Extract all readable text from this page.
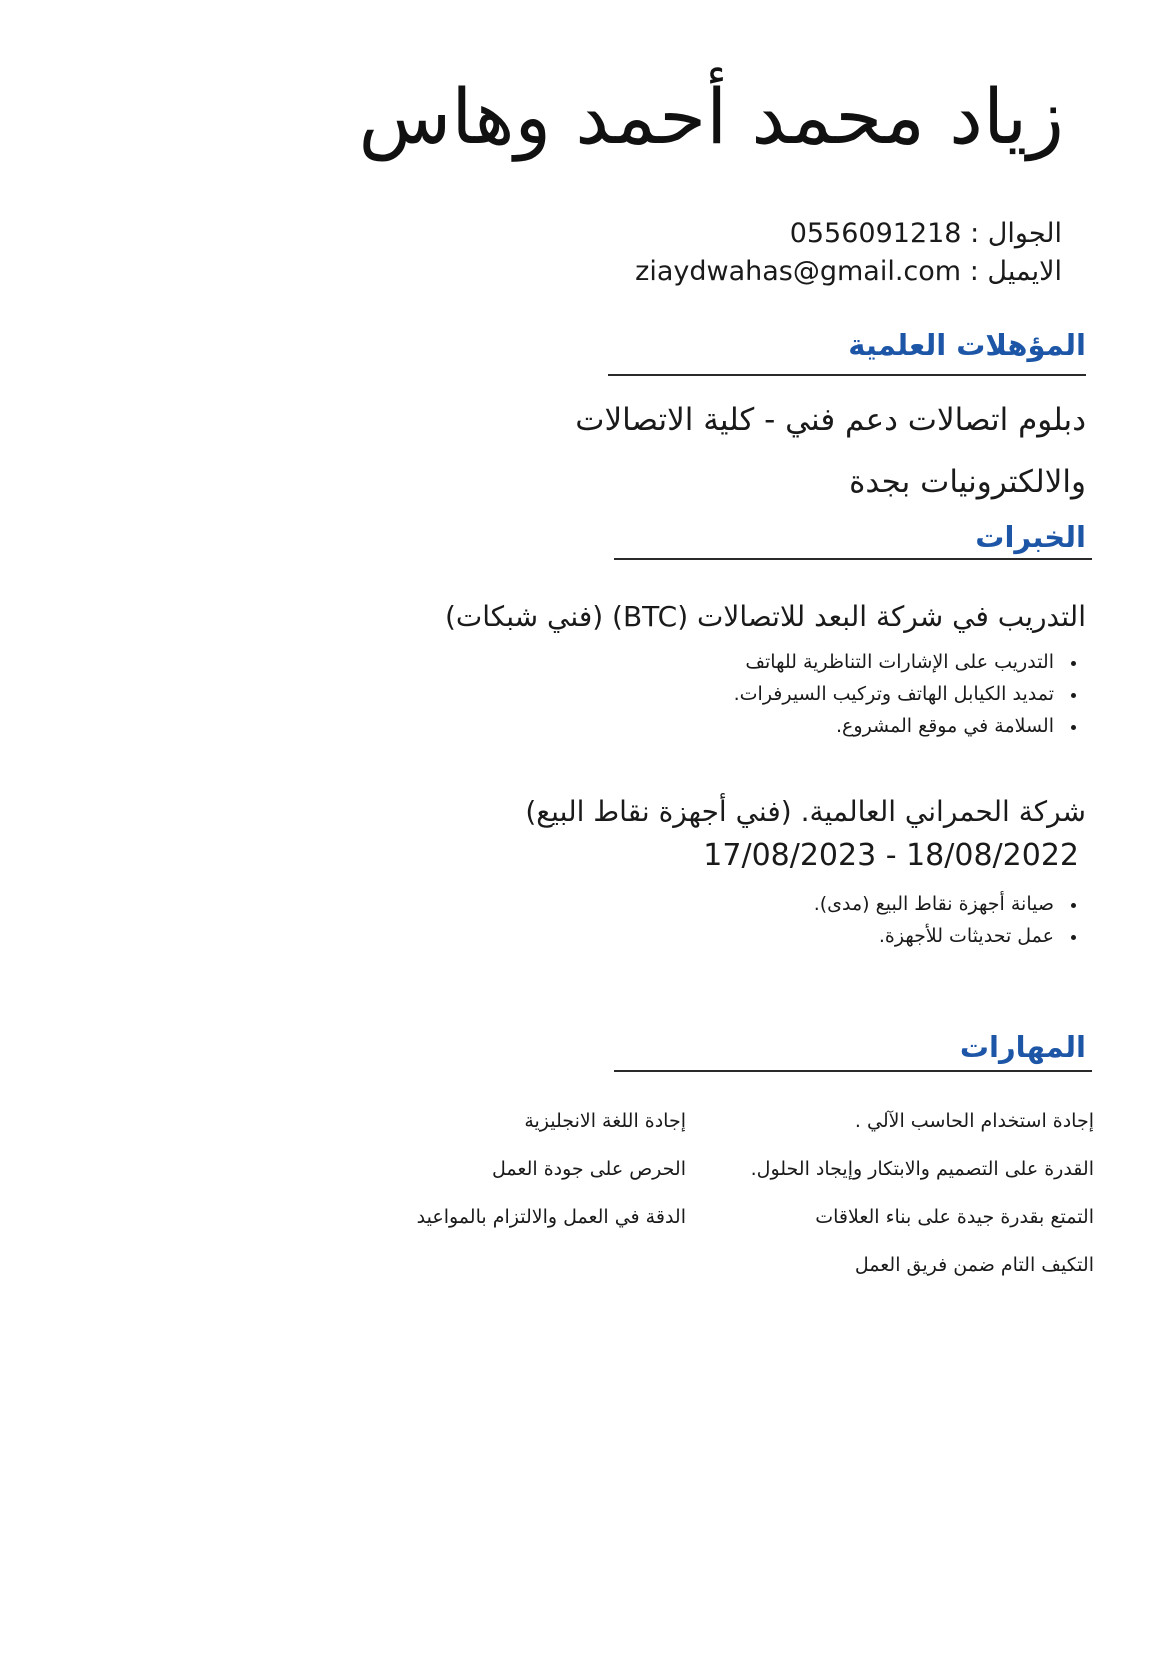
زياد محمد أحمد وهاس
الجوال : 0556091218
الايميل : ziaydwahas@gmail.com
المؤهلات العلمية
دبلوم اتصالات دعم فني - كلية الاتصالات
والالكترونيات بجدة
الخبرات
التدريب في شركة البعد للاتصالات (BTC) (فني شبكات)
التدريب على الإشارات التناظرية للهاتف
تمديد الكيابل الهاتف وتركيب السيرفرات.
السلامة في موقع المشروع.
شركة الحمراني العالمية. (فني أجهزة نقاط البيع)
17/08/2023 - 18/08/2022
صيانة أجهزة نقاط البيع (مدى).
عمل تحديثات للأجهزة.
المهارات
إجادة استخدام الحاسب الآلي .
القدرة على التصميم والابتكار وإيجاد الحلول.
التمتع بقدرة جيدة على بناء العلاقات
التكيف التام ضمن فريق العمل
إجادة اللغة الانجليزية
الحرص على جودة العمل
الدقة في العمل والالتزام بالمواعيد
